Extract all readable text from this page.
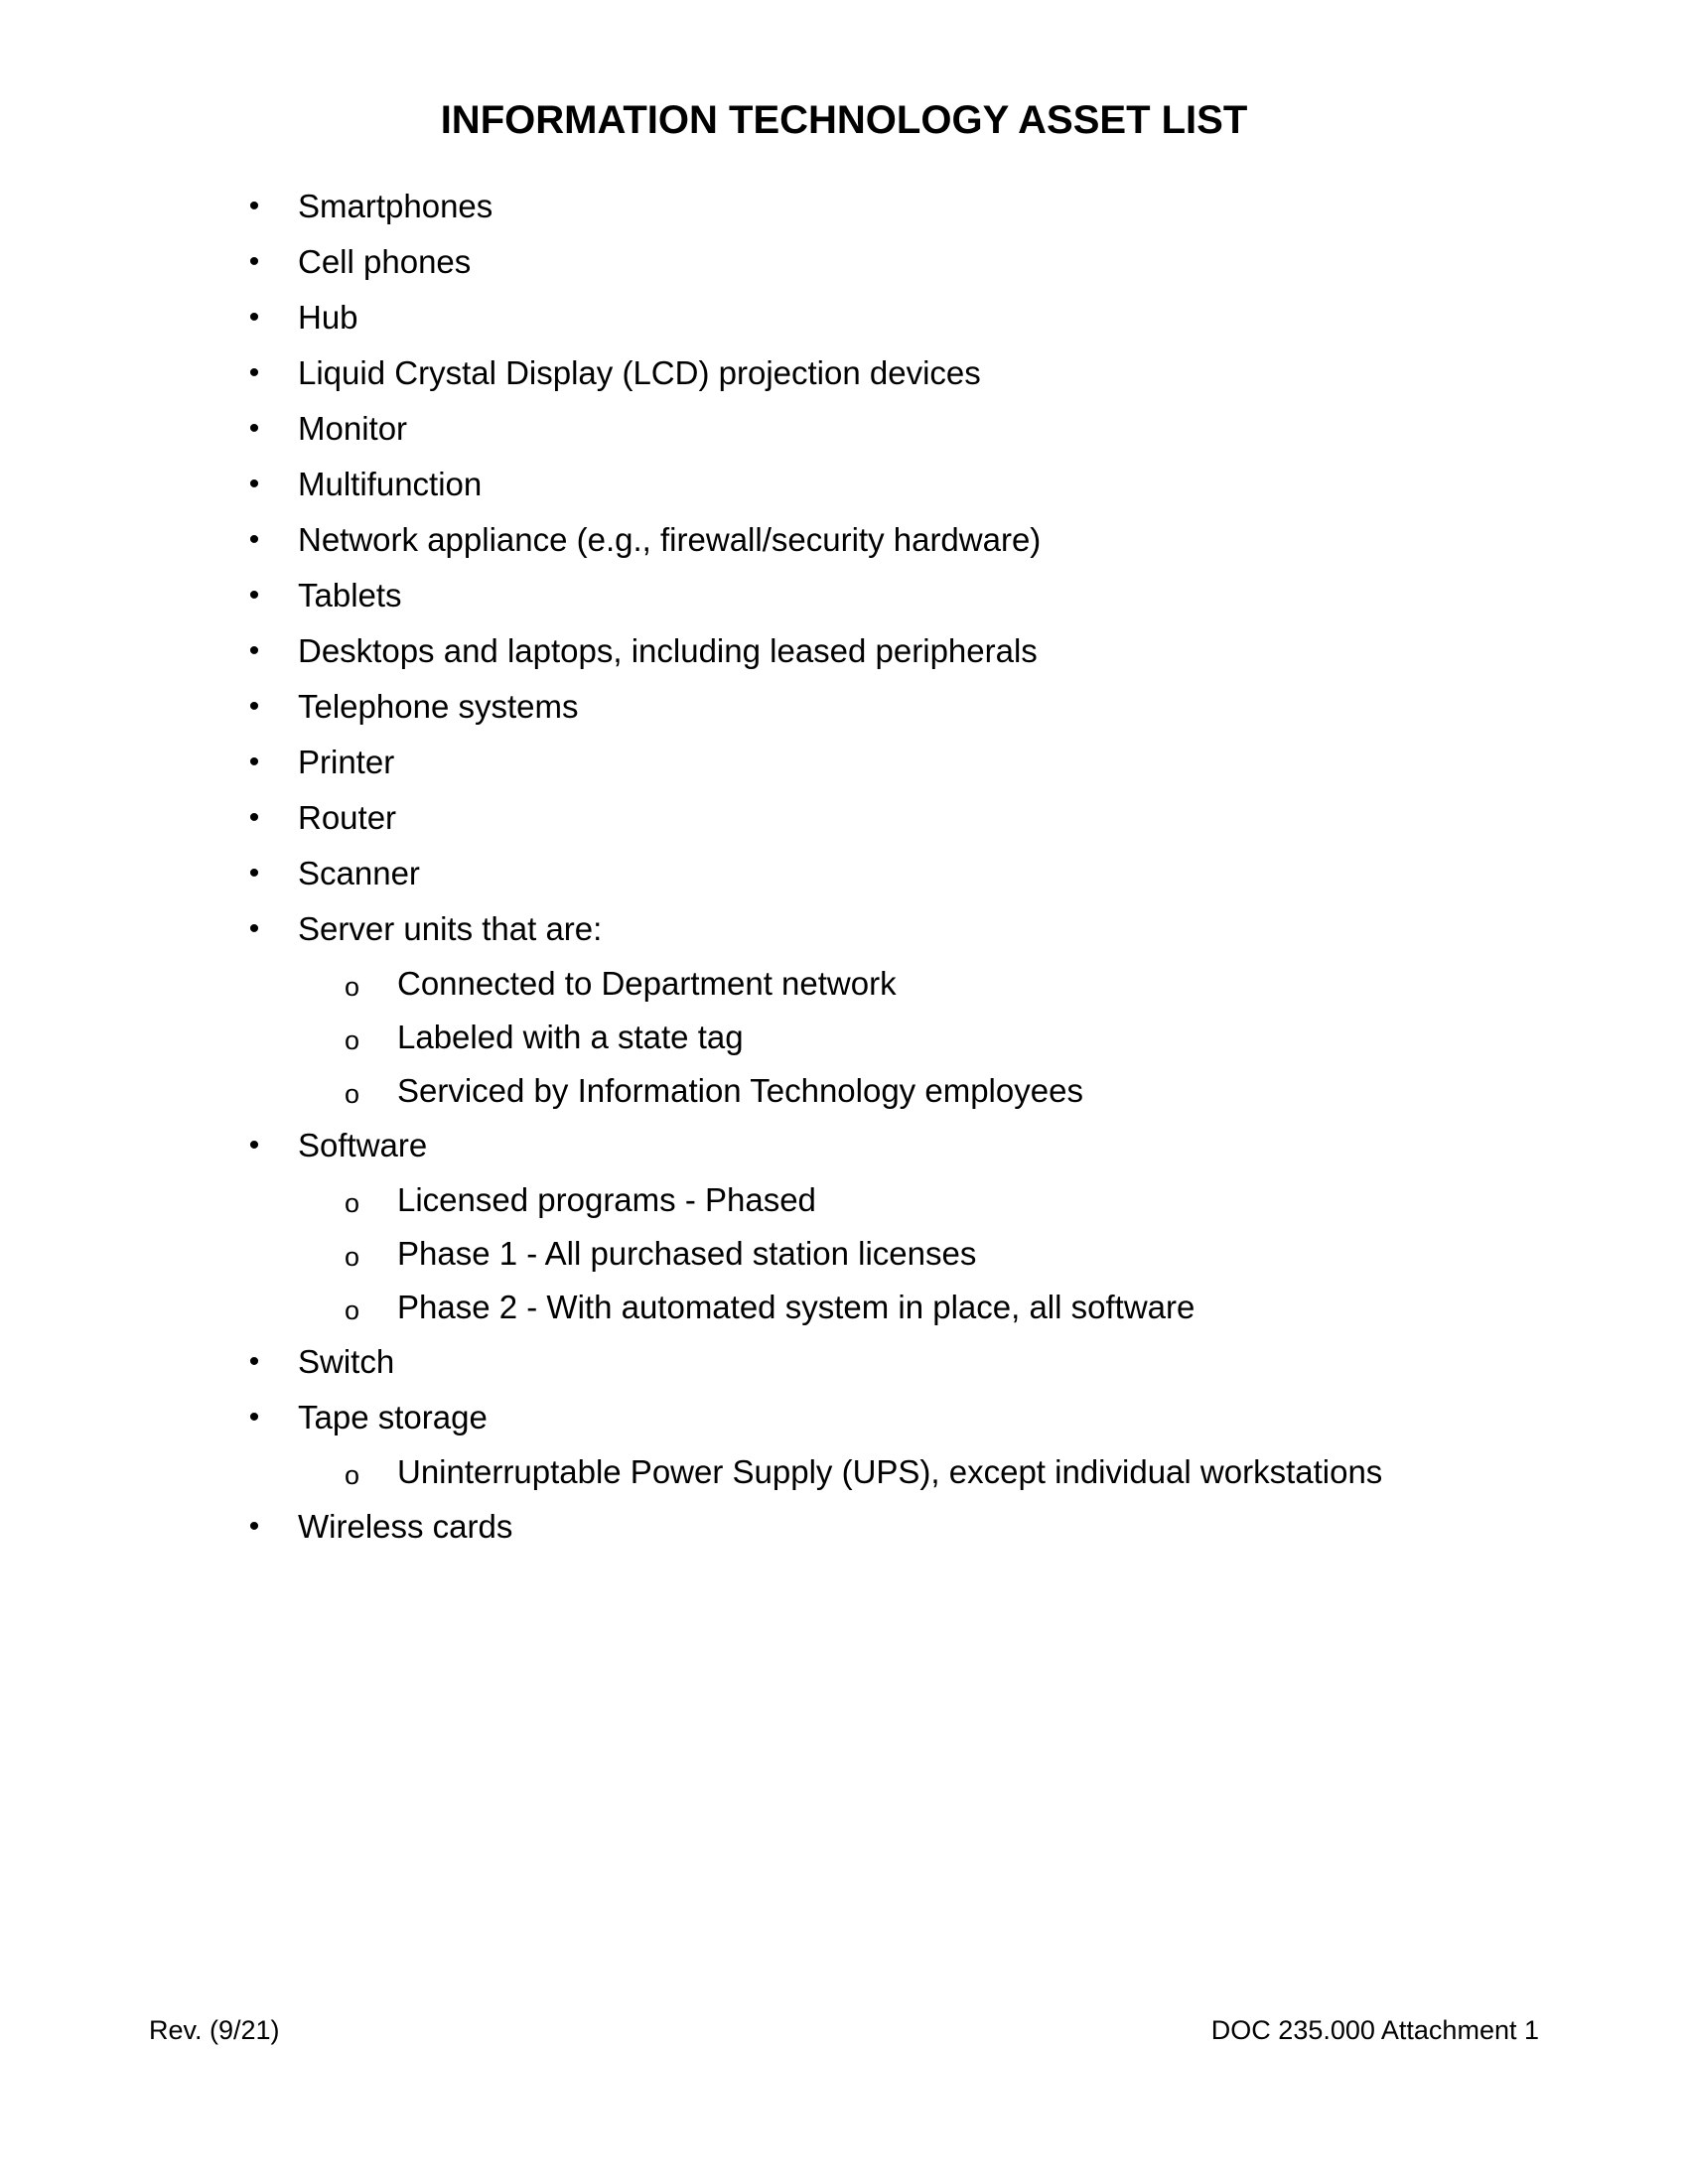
INFORMATION TECHNOLOGY ASSET LIST
• Smartphones
• Cell phones
• Hub
• Liquid Crystal Display (LCD) projection devices
• Monitor
• Multifunction
• Network appliance (e.g., firewall/security hardware)
• Tablets
• Desktops and laptops, including leased peripherals
• Telephone systems
• Printer
• Router
• Scanner
• Server units that are:
o Connected to Department network
o Labeled with a state tag
o Serviced by Information Technology employees
• Software
o Licensed programs - Phased
o Phase 1 - All purchased station licenses
o Phase 2 - With automated system in place, all software
• Switch
• Tape storage
o Uninterruptable Power Supply (UPS), except individual workstations
• Wireless cards
Rev. (9/21)	DOC 235.000 Attachment 1
